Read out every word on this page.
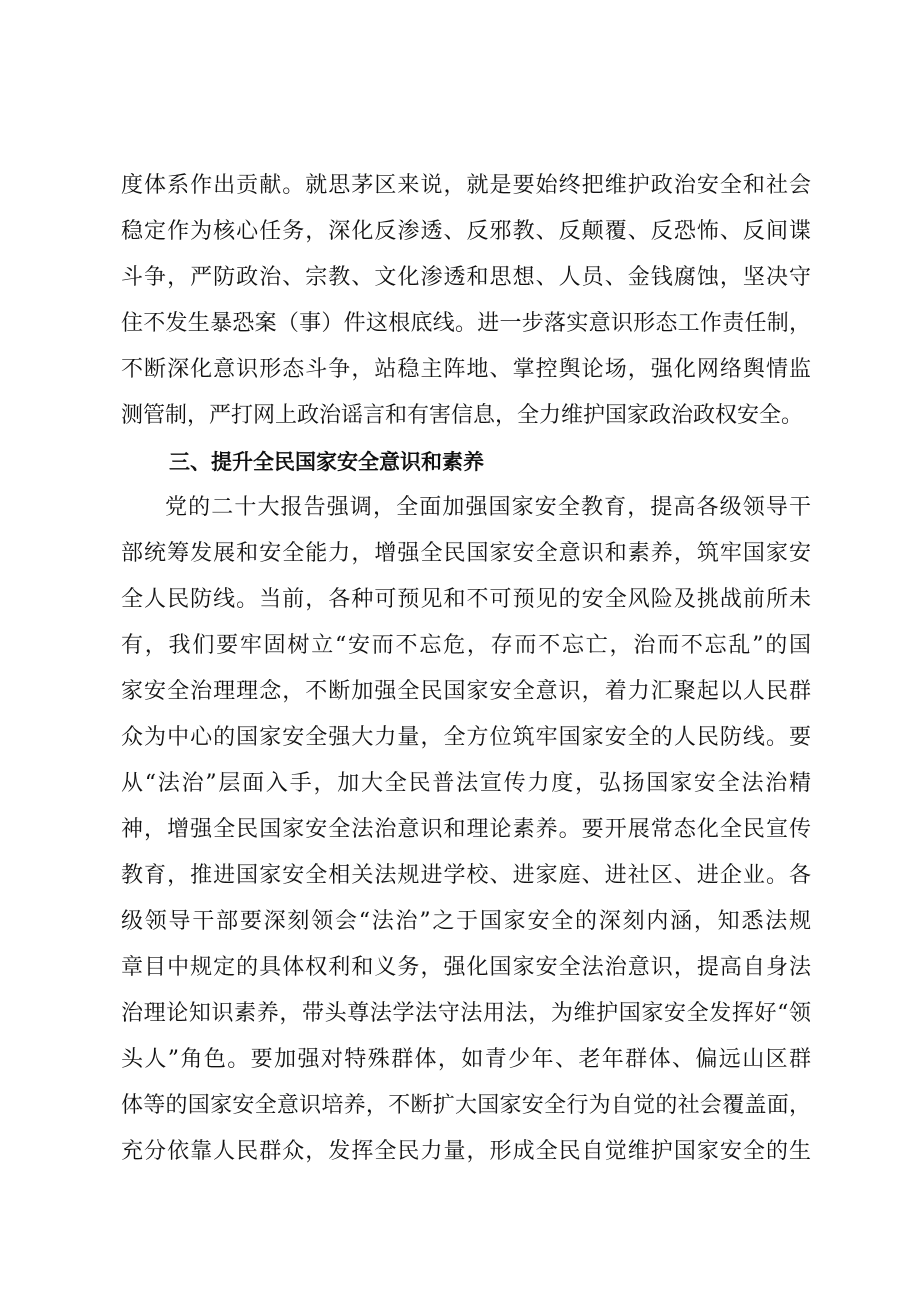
度体系作出贡献。就思茅区来说，就是要始终把维护政治安全和社会
稳定作为核心任务，深化反渗透、反邪教、反颠覆、反恐怖、反间谍
斗争，严防政治、宗教、文化渗透和思想、人员、金钱腐蚀，坚决守
住不发生暴恐案（事）件这根底线。进一步落实意识形态工作责任制，
不断深化意识形态斗争，站稳主阵地、掌控舆论场，强化网络舆情监
测管制，严打网上政治谣言和有害信息，全力维护国家政治政权安全。
三、提升全民国家安全意识和素养
党的二十大报告强调，全面加强国家安全教育，提高各级领导干
部统筹发展和安全能力，增强全民国家安全意识和素养，筑牢国家安
全人民防线。当前，各种可预见和不可预见的安全风险及挑战前所未
有，我们要牢固树立“安而不忘危，存而不忘亡，治而不忘乱”的国
家安全治理理念，不断加强全民国家安全意识，着力汇聚起以人民群
众为中心的国家安全强大力量，全方位筑牢国家安全的人民防线。要
从“法治”层面入手，加大全民普法宣传力度，弘扬国家安全法治精
神，增强全民国家安全法治意识和理论素养。要开展常态化全民宣传
教育，推进国家安全相关法规进学校、进家庭、进社区、进企业。各
级领导干部要深刻领会“法治”之于国家安全的深刻内涵，知悉法规
章目中规定的具体权利和义务，强化国家安全法治意识，提高自身法
治理论知识素养，带头尊法学法守法用法，为维护国家安全发挥好“领
头人”角色。要加强对特殊群体，如青少年、老年群体、偏远山区群
体等的国家安全意识培养，不断扩大国家安全行为自觉的社会覆盖面，
充分依靠人民群众，发挥全民力量，形成全民自觉维护国家安全的生
